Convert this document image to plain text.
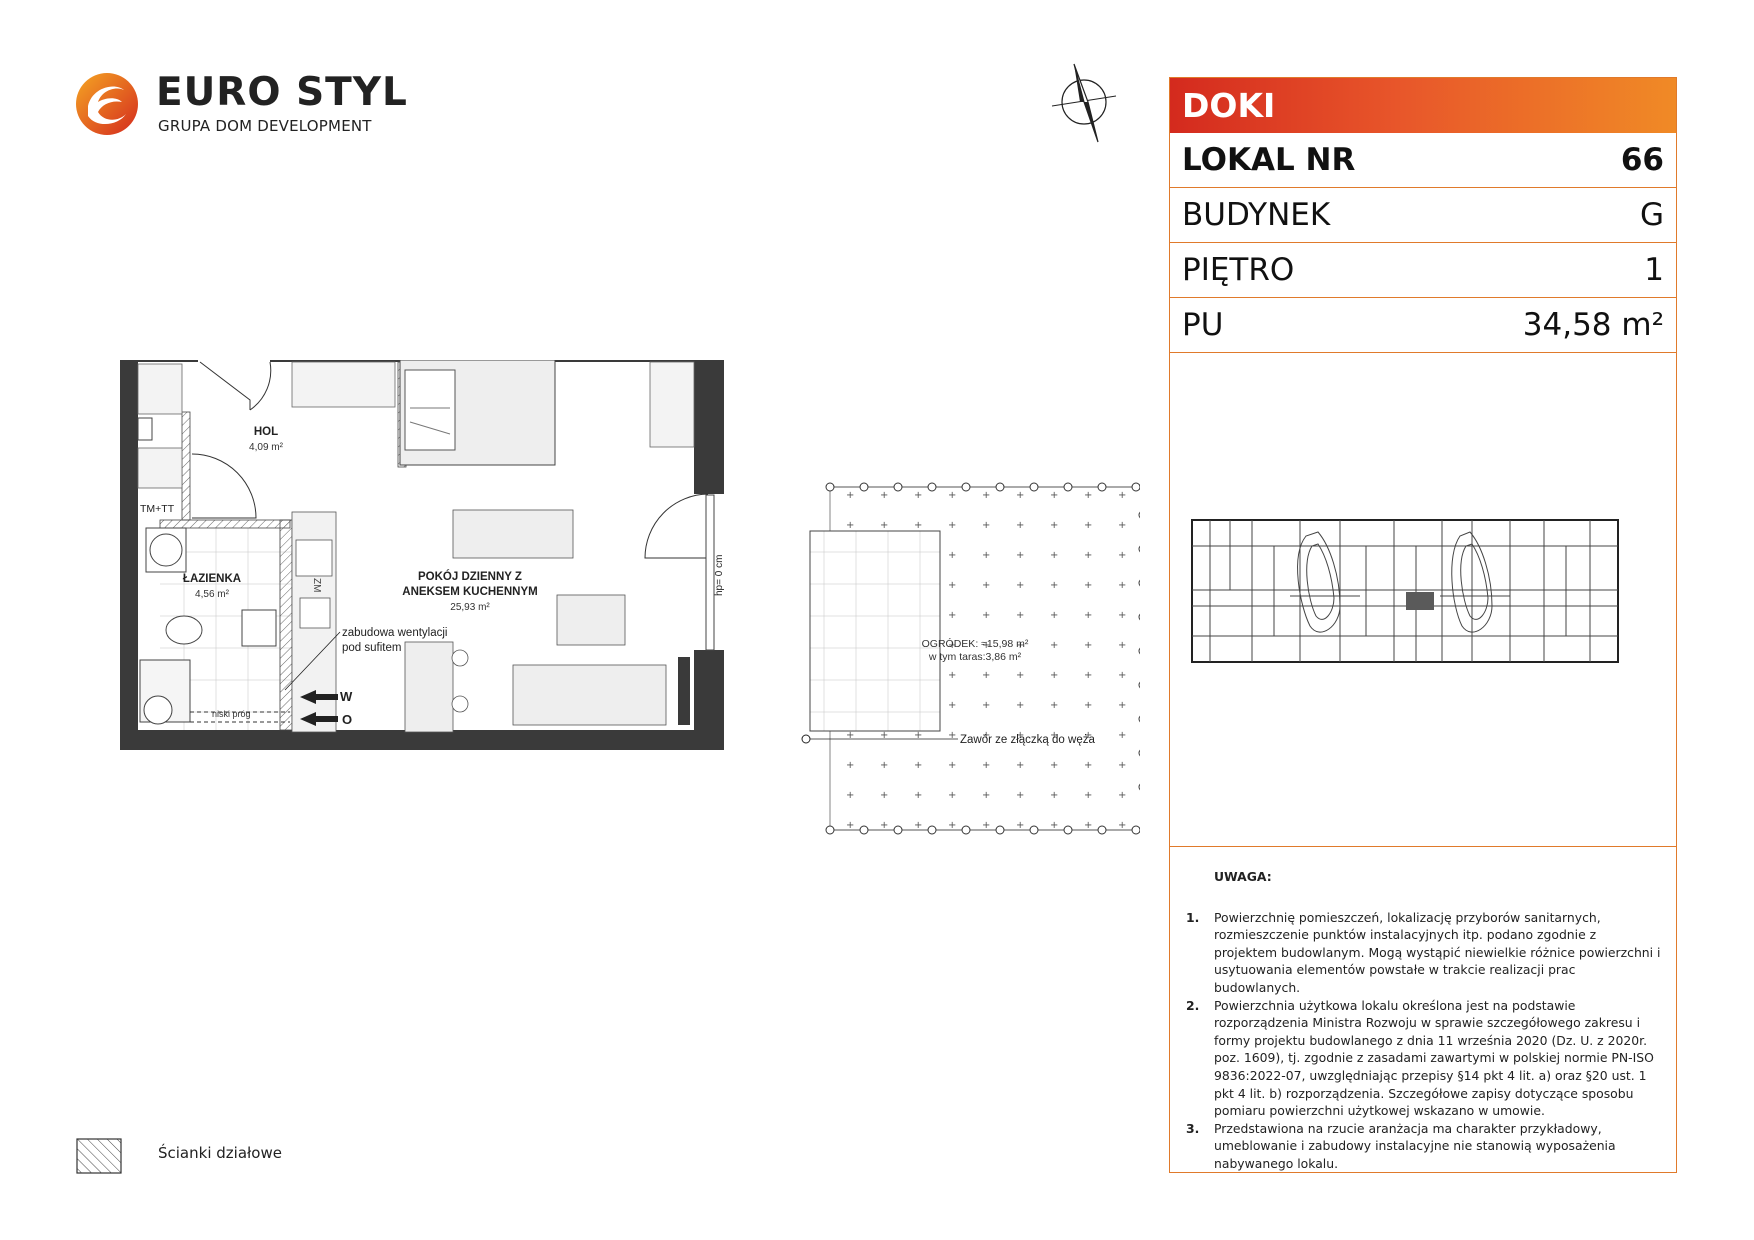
EURO STYL
GRUPA DOM DEVELOPMENT
DOKI
LOKAL NR	66
BUDYNEK	G
PIĘTRO	1
PU	34,58 m²
UWAGA:
1. Powierzchnię pomieszczeń, lokalizację przyborów sanitarnych, rozmieszczenie punktów instalacyjnych itp. podano zgodnie z projektem budowlanym. Mogą wystąpić niewielkie różnice powierzchni i usytuowania elementów powstałe w trakcie realizacji prac budowlanych.
2. Powierzchnia użytkowa lokalu określona jest na podstawie rozporządzenia Ministra Rozwoju w sprawie szczegółowego zakresu i formy projektu budowlanego z dnia 11 września 2020 (Dz. U. z 2020r. poz. 1609), tj. zgodnie z zasadami zawartymi w polskiej normie PN-ISO 9836:2022-07, uwzględniając przepisy §14 pkt 4 lit. a) oraz §20 ust. 1 pkt 4 lit. b) rozporządzenia. Szczegółowe zapisy dotyczące sposobu pomiaru powierzchni użytkowej wskazano w umowie.
3. Przedstawiona na rzucie aranżacja ma charakter przykładowy, umeblowanie i zabudowy instalacyjne nie stanowią wyposażenia nabywanego lokalu.
OGRÓDEK: ≈15,98 m²
w tym taras:3,86 m²
Zawór ze złączką do węża
TM+TT
ZM
ŁAZIENKA
4,56 m²
HOL
4,09 m²
POKÓJ DZIENNY Z
ANEKSEM KUCHENNYM
25,93 m²
zabudowa wentylacji
pod sufitem
niski próg
W
O
hp= 0 cm
Ścianki działowe
